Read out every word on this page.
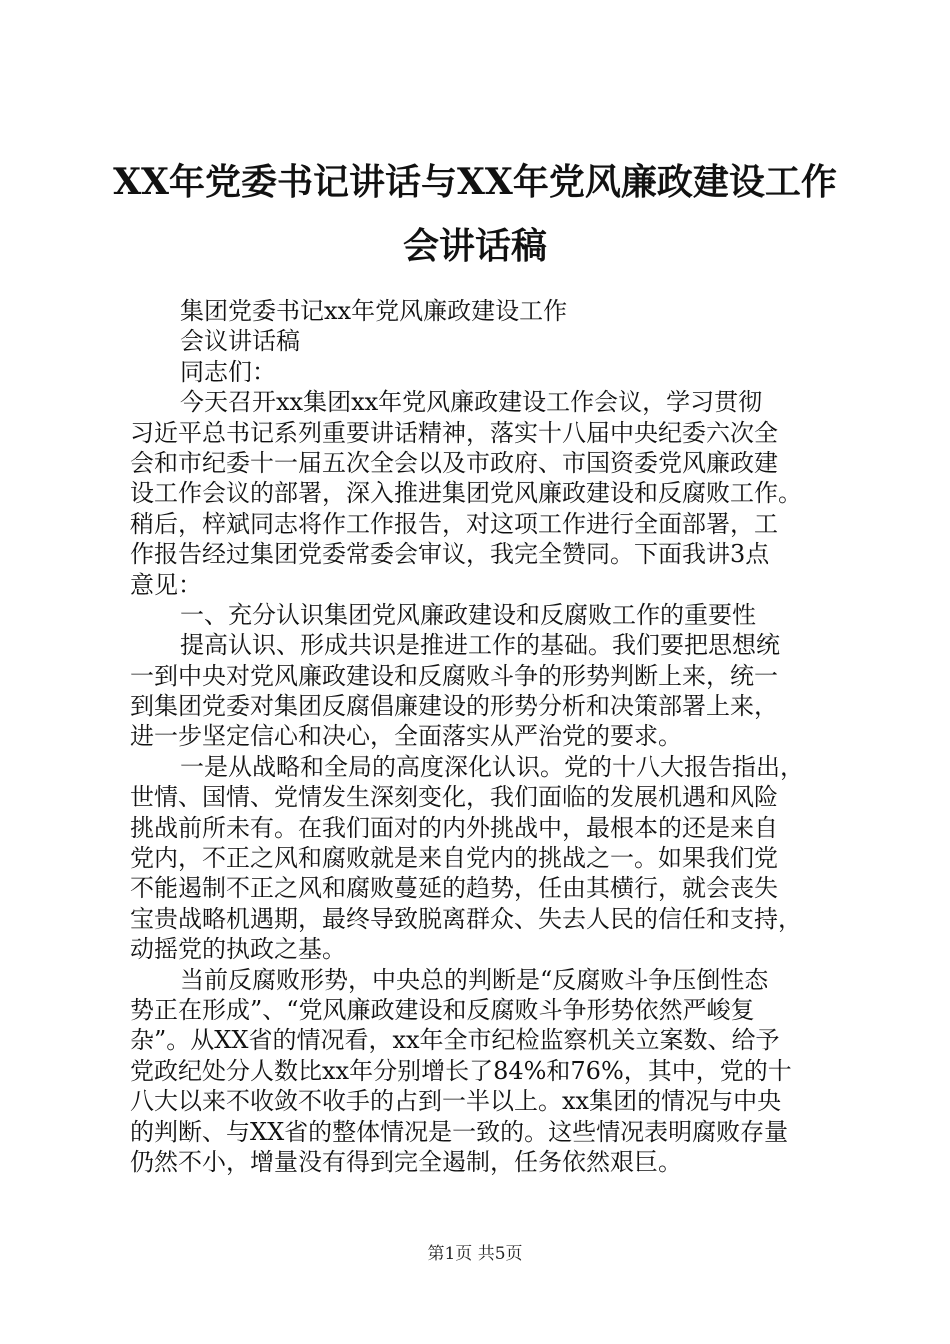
XX年党委书记讲话与XX年党风廉政建设工作
会讲话稿
集团党委书记xx年党风廉政建设工作
会议讲话稿
同志们：
今天召开xx集团xx年党风廉政建设工作会议，学习贯彻
习近平总书记系列重要讲话精神，落实十八届中央纪委六次全
会和市纪委十一届五次全会以及市政府、市国资委党风廉政建
设工作会议的部署，深入推进集团党风廉政建设和反腐败工作。
稍后，梓斌同志将作工作报告，对这项工作进行全面部署，工
作报告经过集团党委常委会审议，我完全赞同。下面我讲3点
意见：
一、充分认识集团党风廉政建设和反腐败工作的重要性
提高认识、形成共识是推进工作的基础。我们要把思想统
一到中央对党风廉政建设和反腐败斗争的形势判断上来，统一
到集团党委对集团反腐倡廉建设的形势分析和决策部署上来，
进一步坚定信心和决心，全面落实从严治党的要求。
一是从战略和全局的高度深化认识。党的十八大报告指出，
世情、国情、党情发生深刻变化，我们面临的发展机遇和风险
挑战前所未有。在我们面对的内外挑战中，最根本的还是来自
党内，不正之风和腐败就是来自党内的挑战之一。如果我们党
不能遏制不正之风和腐败蔓延的趋势，任由其横行，就会丧失
宝贵战略机遇期，最终导致脱离群众、失去人民的信任和支持，
动摇党的执政之基。
当前反腐败形势，中央总的判断是“反腐败斗争压倒性态
势正在形成”、“党风廉政建设和反腐败斗争形势依然严峻复
杂”。从XX省的情况看，xx年全市纪检监察机关立案数、给予
党政纪处分人数比xx年分别增长了84%和76%，其中，党的十
八大以来不收敛不收手的占到一半以上。xx集团的情况与中央
的判断、与XX省的整体情况是一致的。这些情况表明腐败存量
仍然不小，增量没有得到完全遏制，任务依然艰巨。
第1页 共5页
